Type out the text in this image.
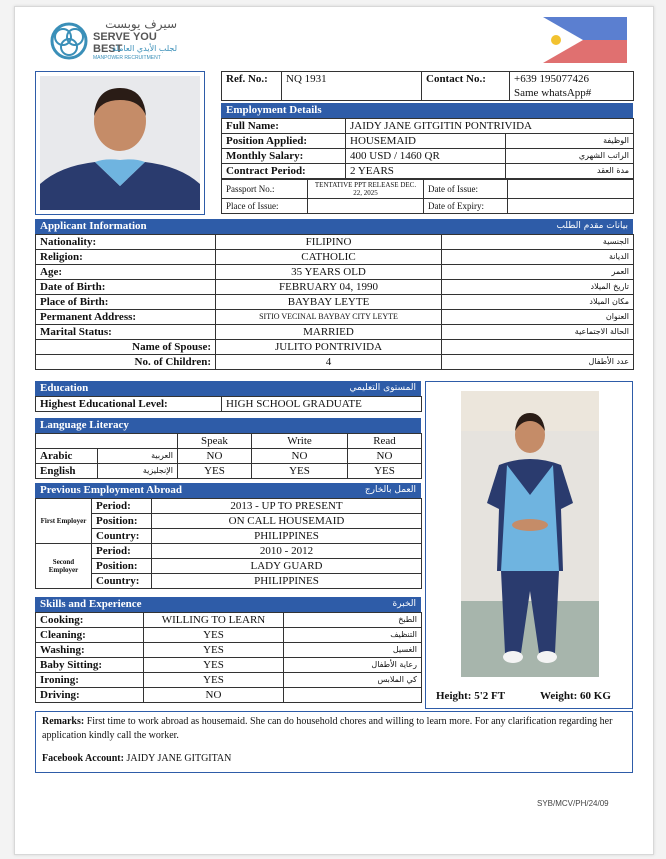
سيرف يوبست
SERVE YOU BEST
لجلب الأيدي العاملة
MANPOWER RECRUITMENT
Ref. No.:	NQ 1931	Contact No.:	+639 195077426
Same whatsApp#
Employment Details
Full Name:	JAIDY JANE GITGITIN PONTRIVIDA	
Position Applied:	HOUSEMAID	الوظيفة
Monthly Salary:	400 USD / 1460 QR	الراتب الشهري
Contract Period:	2 YEARS	مدة العقد
Passport No.:	TENTATIVE PPT RELEASE DEC. 22, 2025	Date of Issue:	
Place of Issue:		Date of Expiry:	
Applicant Information	بيانات مقدم الطلب
Nationality:	FILIPINO	الجنسية
Religion:	CATHOLIC	الديانة
Age:	35 YEARS OLD	العمر
Date of Birth:	FEBRUARY 04, 1990	تاريخ الميلاد
Place of Birth:	BAYBAY LEYTE	مكان الميلاد
Permanent Address:	SITIO VECINAL BAYBAY CITY LEYTE	العنوان
Marital Status:	MARRIED	الحالة الاجتماعية
Name of Spouse:	JULITO PONTRIVIDA	
No. of Children:	4	عدد الأطفال
Education	المستوى التعليمي
Highest Educational Level:	HIGH SCHOOL GRADUATE
Language Literacy
		Speak	Write	Read
Arabic	العربية	NO	NO	NO
English	الإنجليزية	YES	YES	YES
Previous Employment Abroad	العمل بالخارج
First Employer	Period:	2013 - UP TO PRESENT
	Position:	ON CALL HOUSEMAID
	Country:	PHILIPPINES
Second Employer	Period:	2010 - 2012
	Position:	LADY GUARD
	Country:	PHILIPPINES
Skills and Experience	الخبرة
Cooking:	WILLING TO LEARN	الطبخ
Cleaning:	YES	التنظيف
Washing:	YES	الغسيل
Baby Sitting:	YES	رعاية الأطفال
Ironing:	YES	كي الملابس
Driving:	NO		Height: 5'2 FT	Weight: 60 KG
Remarks: First time to work abroad as housemaid. She can do household chores and willing to learn more. For any clarification regarding her application kindly call the worker.
Facebook Account: JAIDY JANE GITGITAN
SYB/MCV/PH/24/09
